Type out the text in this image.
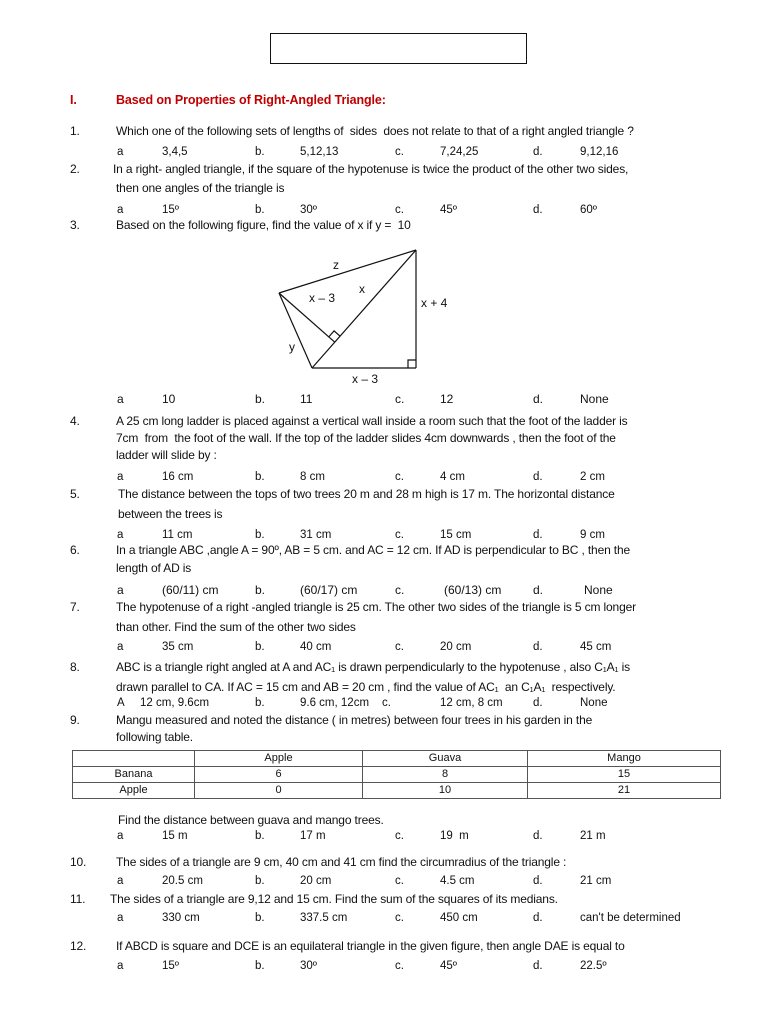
I.	Based on Properties of Right-Angled Triangle:
1.	Which one of the following sets of lengths of  sides  does not relate to that of a right angled triangle ?
a	3,4,5	b.	5,12,13	c.	7,24,25	d.	9,12,16
2.	In a right- angled triangle, if the square of the hypotenuse is twice the product of the other two sides,
then one angles of the triangle is
a	15º	b.	30º	c.	45º	d.	60º
3.	Based on the following figure, find the value of x if y =  10
z
x – 3
x
x + 4
y
x – 3
a	10	b.	11	c.	12	d.	None
4.	A 25 cm long ladder is placed against a vertical wall inside a room such that the foot of the ladder is
7cm  from  the foot of the wall. If the top of the ladder slides 4cm downwards , then the foot of the
ladder will slide by :
a	16 cm	b.	8 cm	c.	4 cm	d.	2 cm
5.	The distance between the tops of two trees 20 m and 28 m high is 17 m. The horizontal distance
between the trees is
a	11 cm	b.	31 cm	c.	15 cm	d.	9 cm
6.	In a triangle ABC ,angle A = 90º, AB = 5 cm. and AC = 12 cm. If AD is perpendicular to BC , then the
length of AD is
a	(60/11) cm	b.	(60/17) cm	c.	(60/13) cm	d.	None
7.	The hypotenuse of a right -angled triangle is 25 cm. The other two sides of the triangle is 5 cm longer
than other. Find the sum of the other two sides
a	35 cm	b.	40 cm	c.	20 cm	d.	45 cm
8.	ABC is a triangle right angled at A and AC₁ is drawn perpendicularly to the hypotenuse , also C₁A₁ is
drawn parallel to CA. If AC = 15 cm and AB = 20 cm , find the value of AC₁  an C₁A₁  respectively.
A 12 cm, 9.6cm	b.	9.6 cm, 12cm c.	12 cm, 8 cm	d.	None
9.	Mangu measured and noted the distance ( in metres) between four trees in his garden in the
following table.
	Apple	Guava	Mango
Banana	6	8	15
Apple	0	10	21
Find the distance between guava and mango trees.
a	15 m	b.	17 m	c.	19  m	d.	21 m
10. The sides of a triangle are 9 cm, 40 cm and 41 cm find the circumradius of the triangle :
a	20.5 cm	b.	20 cm	c.	4.5 cm	d.	21 cm
11. The sides of a triangle are 9,12 and 15 cm. Find the sum of the squares of its medians.
a	330 cm	b.	337.5 cm	c.	450 cm	d.	can't be determined
12. If ABCD is square and DCE is an equilateral triangle in the given figure, then angle DAE is equal to
a	15º	b.	30º	c.	45º	d.	22.5º
